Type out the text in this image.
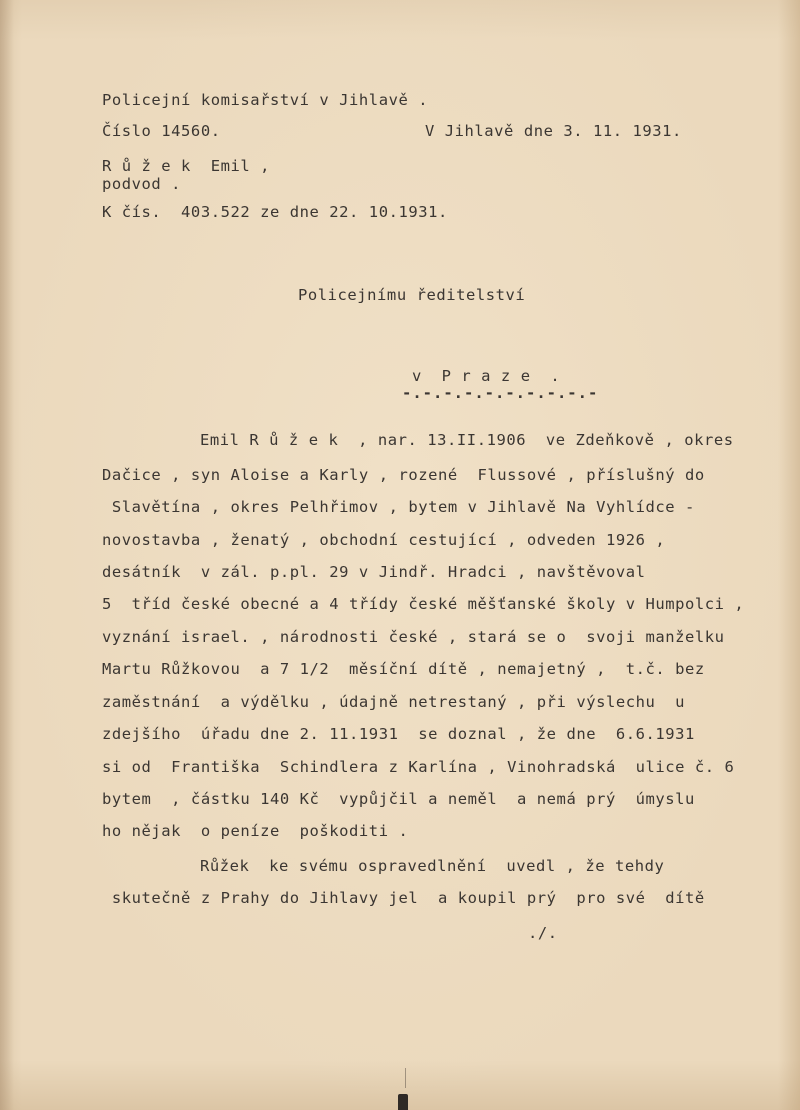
Policejní komisařství v Jihlavě .
Číslo 14560.	V Jihlavě dne 3. 11. 1931.
R ů ž e k  Emil ,
podvod .
K čís.  403.522 ze dne 22. 10.1931.
Policejnímu ředitelství
v  P r a z e  .
-.-.-.-.-.-.-.-.-.-
Emil R ů ž e k  , nar. 13.II.1906  ve Zdeňkově , okres
Dačice , syn Aloise a Karly , rozené  Flussové , příslušný do
Slavětína , okres Pelhřimov , bytem v Jihlavě Na Vyhlídce -
novostavba , ženatý , obchodní cestující , odveden 1926 ,
desátník  v zál. p.pl. 29 v Jindř. Hradci , navštěvoval
5  tříd české obecné a 4 třídy české měšťanské školy v Humpolci ,
vyznání israel. , národnosti české , stará se o  svoji manželku
Martu Růžkovou  a 7 1/2  měsíční dítě , nemajetný ,  t.č. bez
zaměstnání  a výdělku , údajně netrestaný , při výslechu  u
zdejšího  úřadu dne 2. 11.1931  se doznal , že dne  6.6.1931
si od  Františka  Schindlera z Karlína , Vinohradská  ulice č. 6
bytem  , částku 140 Kč  vypůjčil a neměl  a nemá prý  úmyslu
ho nějak  o peníze  poškoditi .
Růžek  ke svému ospravedlnění  uvedl , že tehdy
skutečně z Prahy do Jihlavy jel  a koupil prý  pro své  dítě
./.
